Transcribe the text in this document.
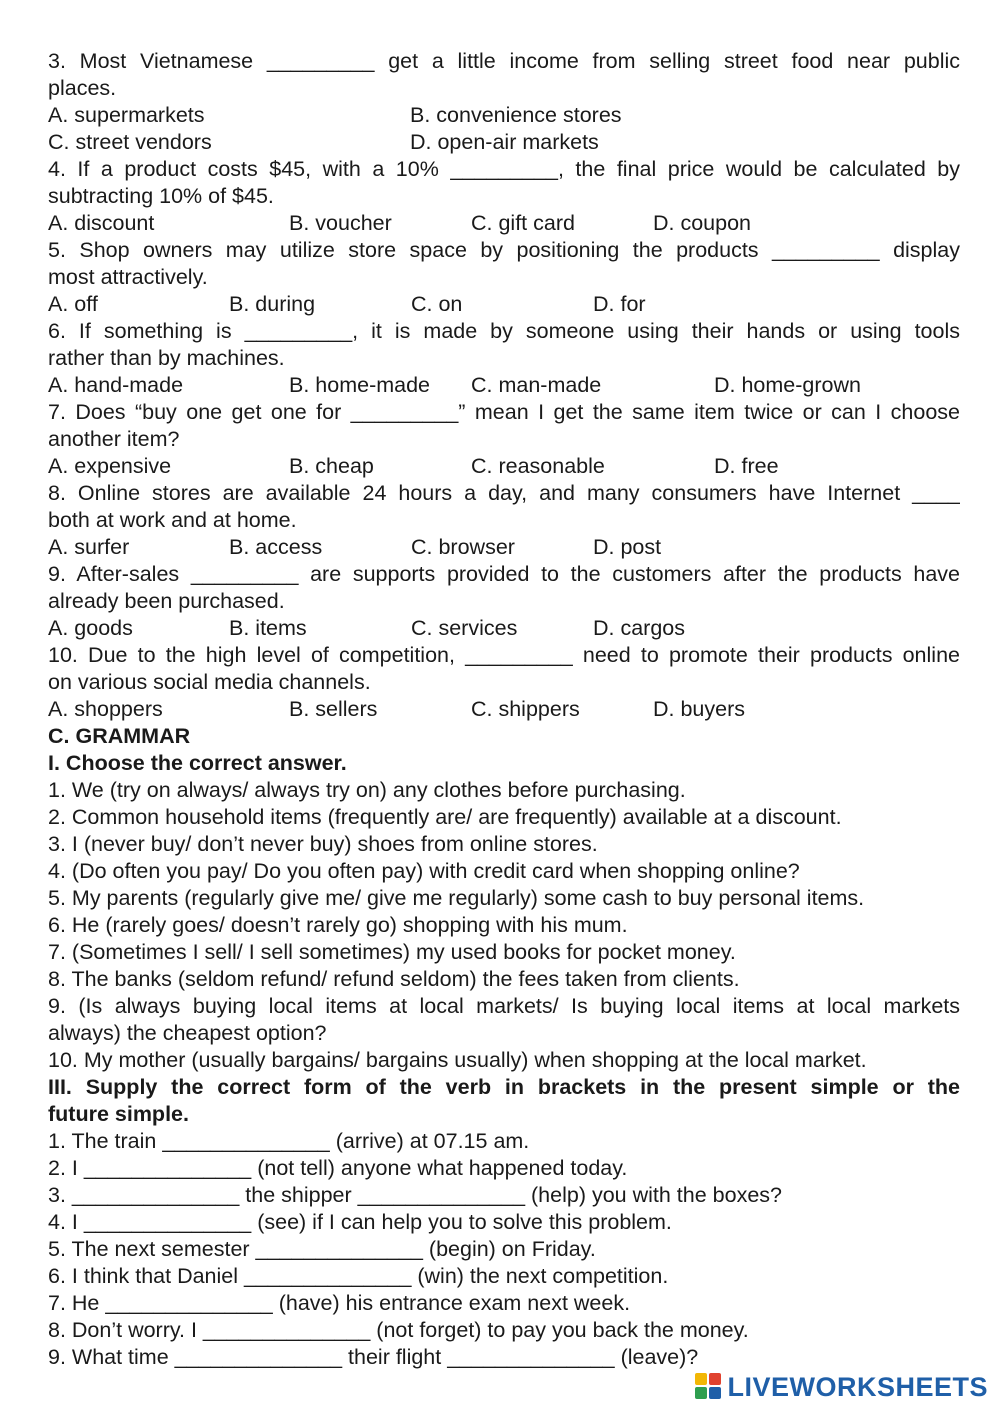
3. Most Vietnamese _________ get a little income from selling street food near public
places.
A. supermarkets	B. convenience stores
C. street vendors	D. open-air markets
4. If a product costs $45, with a 10% _________, the final price would be calculated by
subtracting 10% of $45.
A. discount	B. voucher	C. gift card	D. coupon
5. Shop owners may utilize store space by positioning the products _________ display
most attractively.
A. off	B. during	C. on	D. for
6. If something is _________, it is made by someone using their hands or using tools
rather than by machines.
A. hand-made	B. home-made	C. man-made	D. home-grown
7. Does “buy one get one for _________” mean I get the same item twice or can I choose
another item?
A. expensive	B. cheap	C. reasonable	D. free
8. Online stores are available 24 hours a day, and many consumers have Internet ____
both at work and at home.
A. surfer	B. access	C. browser	D. post
9. After-sales _________ are supports provided to the customers after the products have
already been purchased.
A. goods	B. items	C. services	D. cargos
10. Due to the high level of competition, _________ need to promote their products online
on various social media channels.
A. shoppers	B. sellers	C. shippers	D. buyers
C. GRAMMAR
I. Choose the correct answer.
1. We (try on always/ always try on) any clothes before purchasing.
2. Common household items (frequently are/ are frequently) available at a discount.
3. I (never buy/ don’t never buy) shoes from online stores.
4. (Do often you pay/ Do you often pay) with credit card when shopping online?
5. My parents (regularly give me/ give me regularly) some cash to buy personal items.
6. He (rarely goes/ doesn’t rarely go) shopping with his mum.
7. (Sometimes I sell/ I sell sometimes) my used books for pocket money.
8. The banks (seldom refund/ refund seldom) the fees taken from clients.
9. (Is always buying local items at local markets/ Is buying local items at local markets
always) the cheapest option?
10. My mother (usually bargains/ bargains usually) when shopping at the local market.
III. Supply the correct form of the verb in brackets in the present simple or the
future simple.
1. The train ______________ (arrive) at 07.15 am.
2. I ______________ (not tell) anyone what happened today.
3. ______________ the shipper ______________ (help) you with the boxes?
4. I ______________ (see) if I can help you to solve this problem.
5. The next semester ______________ (begin) on Friday.
6. I think that Daniel ______________ (win) the next competition.
7. He ______________ (have) his entrance exam next week.
8. Don’t worry. I ______________ (not forget) to pay you back the money.
9. What time ______________ their flight ______________ (leave)?
LIVEWORKSHEETS
